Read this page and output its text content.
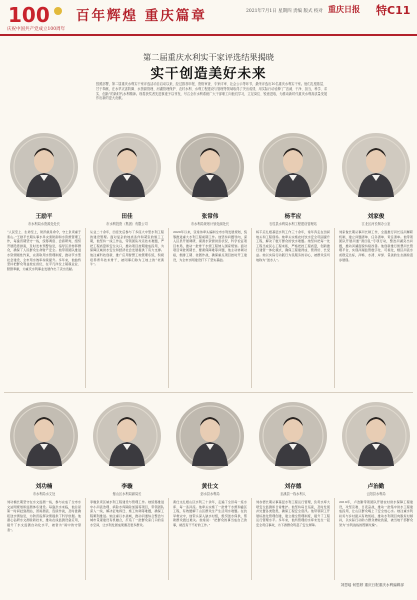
100 百年辉煌 重庆篇章
庆祝中国共产党成立100周年
2021年7月1日 星期四 责编 版式 校对 重庆日报 特C11
第二届重庆水利实干家评选结果揭晓
实干创造美好未来
按照部署，第二届重庆水利实干家评选活动自启动以来，经过推荐申报、资格审查、专家评审、社会公示等环节，最终评选出10名重庆水利实干家。他们扎根基层、甘于奉献，在水旱灾害防御、水资源管理、河湖管理保护、农村水利、水利工程建设与管理等领域取得了突出成绩，用实际行动诠释了“忠诚、干净、担当，科学、求实、创新”的新时代水利精神。现将获奖者先进事迹予以刊发，号召全市水利系统广大干部职工向他们学习，立足岗位、锐意进取，为推动新时代重庆水利高质量发展作出新的更大贡献。
王励平
市水利局水资源处处长
“人民至上、生命至上，防汛就是命令，守土负责重于泰山。”王励平长期从事水旱灾害防御和水资源管理工作，每逢汛期坚守一线，统筹调度、会商研判，组织开展隐患排查，及时发布预警信息，指导区县转移群众，确保了人民群众生命财产安全。他带领团队推进水资源刚性约束，完善取用水管理制度，推动节水型社会建设，全市用水效率持续提升。多年来，他始终坚持把群众利益放在首位，在平凡岗位上兢兢业业、默默奉献，为重庆水利事业发展作出了突出贡献。
田佳
市水利投资（集团）有限公司
从业二十余年，田佳先后参与了多座大中型水利工程的建设管理。面对复杂的地质条件和紧张的施工工期，他坚持一线工作法，带领团队攻克技术难题，严把工程质量和安全关口，推动项目按期建成投用，为保障区域供水安全和经济社会发展提供了有力支撑。他注重科技创新，推广应用智慧工地管理系统，积极培养青年技术骨干，被同事们称为工地上的“老黄牛”。
张常伟
市水利局规划计划处副处长
2020年以来，张常伟牵头编制全市水利发展规划，统筹推进重大水利工程前期工作。他坚持问题导向，深入区县开展调研，摸清水资源供需状况，科学论证项目布局，推动一批骨干水源工程纳入国家规划。面对项目审批周期长、要素保障难等问题，他主动协调对接，倒排工期、挂图作战，确保重点项目按时开工建设，为全市水网建设打下了坚实基础。
杨芊应
石柱县水利局水利工程建设管理站
杨芊应扎根基层水利工作三十余年，常年奔走在田间地头和工程现场。她牵头实施农村饮水安全巩固提升工程，解决了数万群众的饮水难题。她坚持把每一处工程当成民心工程来抓，严格把控工程质量，创新推行建管一体化模式，确保工程建得成、管得好、长受益。她以实际行动践行为民服务的初心，被群众亲切地称为“送水人”。
刘家俊
江北区河长制办公室
刘家俊长期从事河长制工作，全面推行河长巡河履职机制，建立问题清单、任务清单、责任清单。他带领团队开展河道“清四乱”专项行动，整治河湖突出问题，推动河湖面貌持续改善。他创新推行智慧河长管理平台，实现河湖监管数字化、可视化，辖区河流水质稳定达标，河畅、水清、岸绿、景美的生态画卷逐步展现。
刘功楠
市水利局水文处
刘功楠长期坚守在水文监测一线，参与完成了全市水文站网规划和监测体系建设。每逢洪水来临，他总是第一时间赶到测站，冒雨测流、连续作战，及时准确报送水情信息，为防汛指挥决策提供了科学依据。他潜心钻研水文测验新技术，推动在线监测设备应用，提升了水文监测自动化水平，被誉为“雨中的守望者”。
李璇
璧山区水利局副局长
李璇负责区域水利工程建设与管理工作。她统筹推进中小河流治理、病险水库除险加固等项目，带领团队深入一线，解决征地拆迁、施工协调等难题，确保工程顺利推进。她注重以水美城，推动河道综合整治与城市景观建设有机融合，打造了一批群众家门口的亲水空间，让水利发展成果惠及更多群众。
黄仕文
彭水县水利局
黄仕文扎根山区水利三十余年，走遍了全县每一座水库、每一条河流。他牵头实施了一批骨干水源和灌区工程，有效缓解了山区群众生产生活用水难题。在抗旱救灾中，他带头深入缺水村组，组织送水保供，帮助群众渡过难关。他常说：“把群众的事当成自己的事，就没有干不好的工作。”
刘存德
巫溪县一线水利人
刘存德长期从事基层水利工程运行管理，负责水库大坝安全监测和日常维护。他坚持每日巡查，及时发现并处置各类隐患，确保工程安全度汛。他带领职工开展标准化管理创建，建立健全管理制度，提升了工程运行管理水平。多年来，他所管理的水库未发生一起安全责任事故，为下游群众筑起了安全屏障。
卢治勤
云阳县水利局
2019年，卢治勤带领团队开展农村供水保障工程建设，攻坚克难、日夜奋战，推动一批集中供水工程建成投用，让山区群众喝上了安全放心水。她注重水利扶贫与乡村振兴有效衔接，推动水利项目向脱贫村倾斜，以实际行动助力群众增收致富，被当地干部群众誉为“水利战线的铿锵玫瑰”。
刘思瑶 何思婷 重庆日报重庆水利编辑部
